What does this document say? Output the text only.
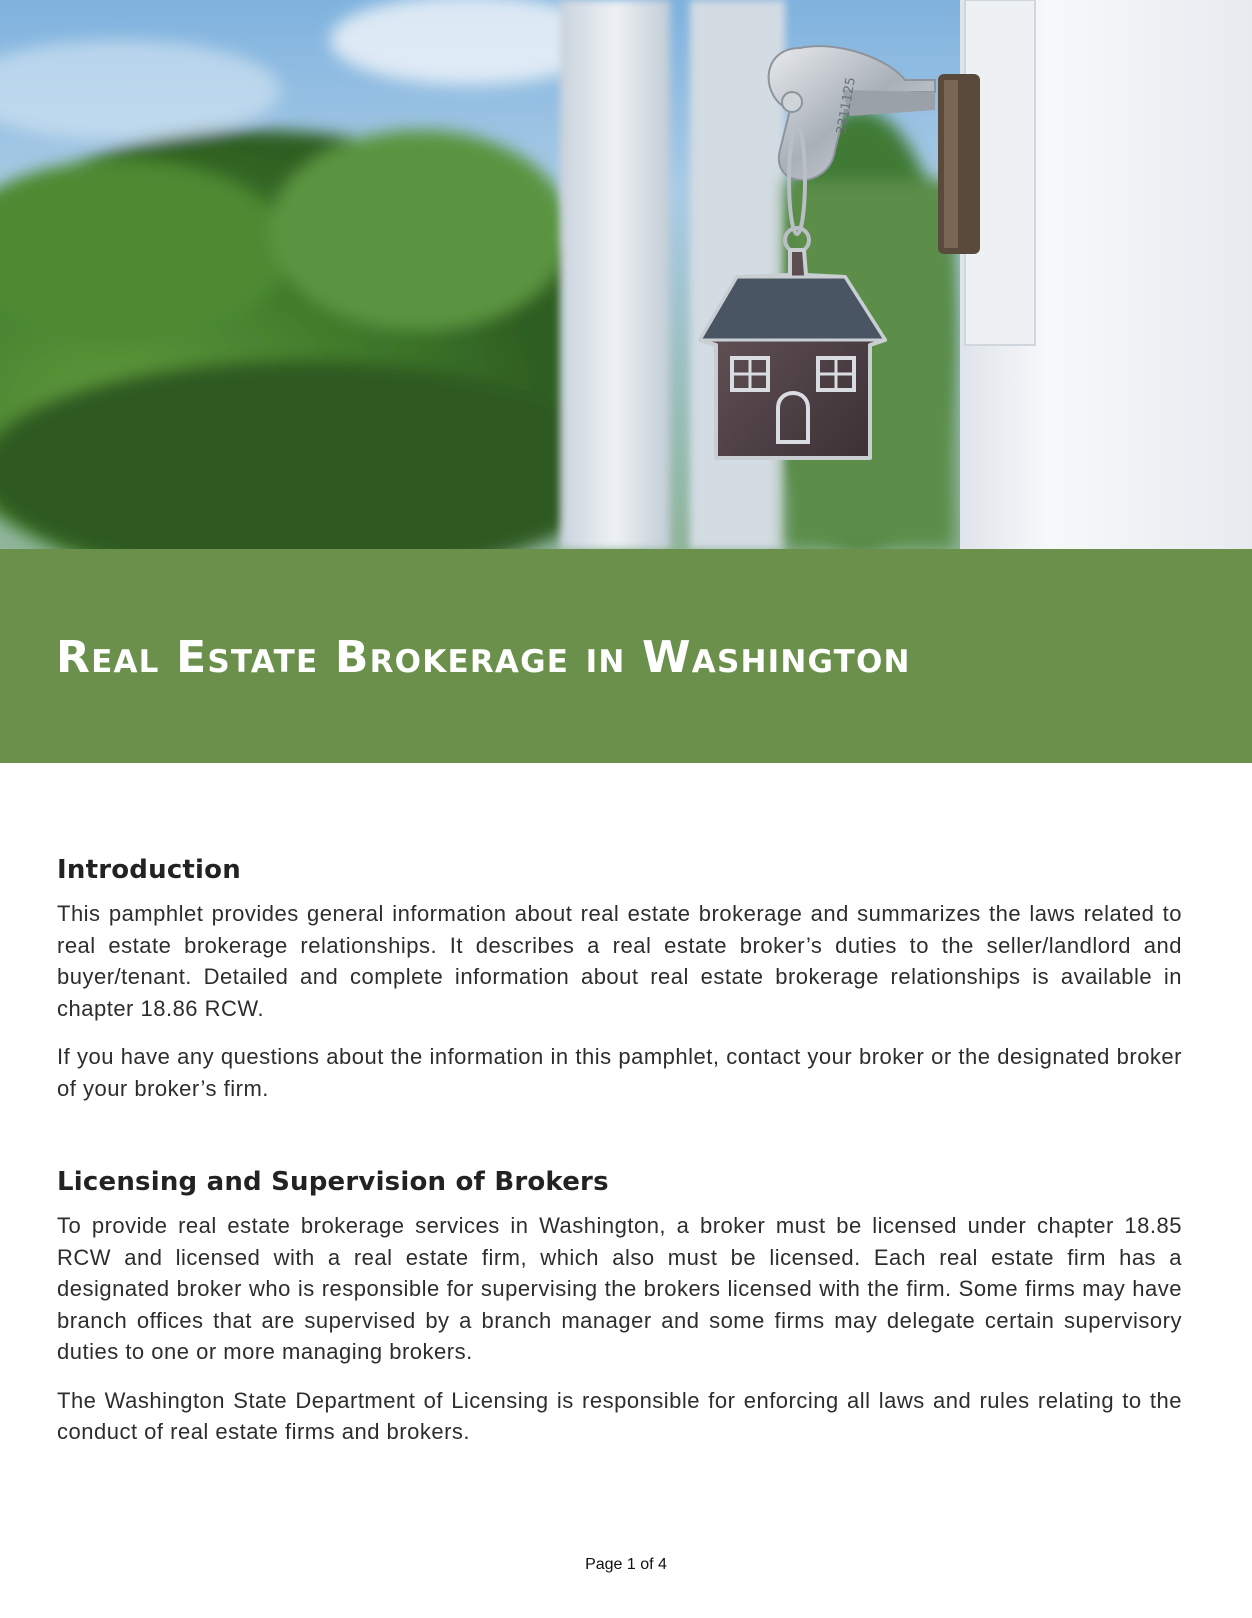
3311125
Real Estate Brokerage in Washington
Introduction

This pamphlet provides general information about real estate brokerage and summarizes the laws related to real estate brokerage relationships. It describes a real estate broker’s duties to the seller/landlord and buyer/tenant. Detailed and complete information about real estate brokerage relationships is available in chapter 18.86 RCW.

If you have any questions about the information in this pamphlet, contact your broker or the designated broker of your broker’s firm.

Licensing and Supervision of Brokers

To provide real estate brokerage services in Washington, a broker must be licensed under chapter 18.85 RCW and licensed with a real estate firm, which also must be licensed. Each real estate firm has a designated broker who is responsible for supervising the brokers licensed with the firm. Some firms may have branch offices that are supervised by a branch manager and some firms may delegate certain supervisory duties to one or more managing brokers.

The Washington State Department of Licensing is responsible for enforcing all laws and rules relating to the conduct of real estate firms and brokers.

Page 1 of 4
